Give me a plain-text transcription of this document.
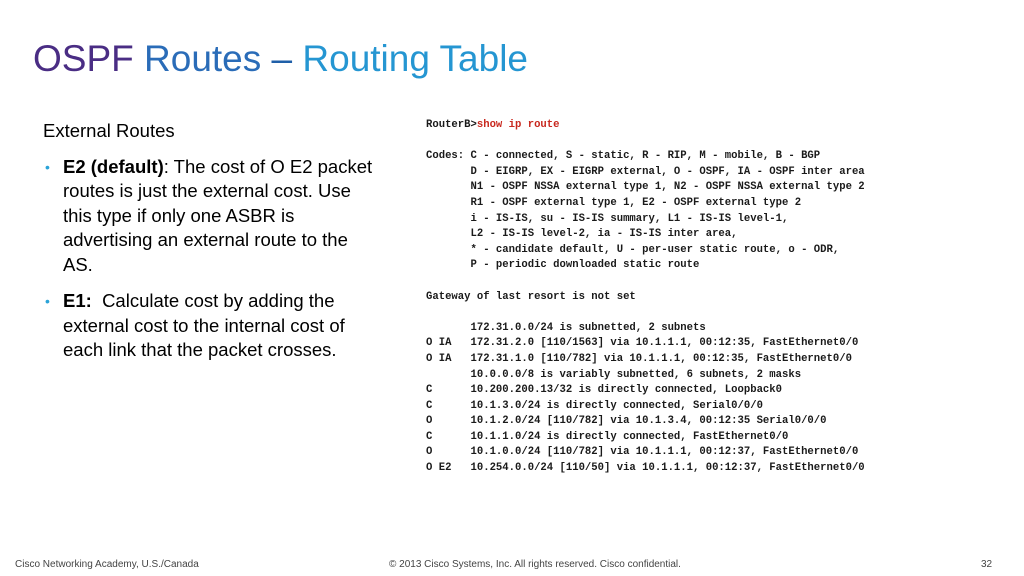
OSPF Routes – Routing Table
External Routes
• E2 (default): The cost of O E2 packet routes is just the external cost. Use this type if only one ASBR is advertising an external route to the AS.
• E1:  Calculate cost by adding the external cost to the internal cost of each link that the packet crosses.
RouterB>show ip route
Codes: C - connected, S - static, R - RIP, M - mobile, B - BGP
D - EIGRP, EX - EIGRP external, O - OSPF, IA - OSPF inter area
N1 - OSPF NSSA external type 1, N2 - OSPF NSSA external type 2
R1 - OSPF external type 1, E2 - OSPF external type 2
i - IS-IS, su - IS-IS summary, L1 - IS-IS level-1,
L2 - IS-IS level-2, ia - IS-IS inter area,
* - candidate default, U - per-user static route, o - ODR,
P - periodic downloaded static route
Gateway of last resort is not set
172.31.0.0/24 is subnetted, 2 subnets
O IA   172.31.2.0 [110/1563] via 10.1.1.1, 00:12:35, FastEthernet0/0
O IA   172.31.1.0 [110/782] via 10.1.1.1, 00:12:35, FastEthernet0/0
10.0.0.0/8 is variably subnetted, 6 subnets, 2 masks
C      10.200.200.13/32 is directly connected, Loopback0
C      10.1.3.0/24 is directly connected, Serial0/0/0
O      10.1.2.0/24 [110/782] via 10.1.3.4, 00:12:35 Serial0/0/0
C      10.1.1.0/24 is directly connected, FastEthernet0/0
O      10.1.0.0/24 [110/782] via 10.1.1.1, 00:12:37, FastEthernet0/0
O E2   10.254.0.0/24 [110/50] via 10.1.1.1, 00:12:37, FastEthernet0/0
Cisco Networking Academy, U.S./Canada	© 2013 Cisco Systems, Inc. All rights reserved. Cisco confidential.	32
